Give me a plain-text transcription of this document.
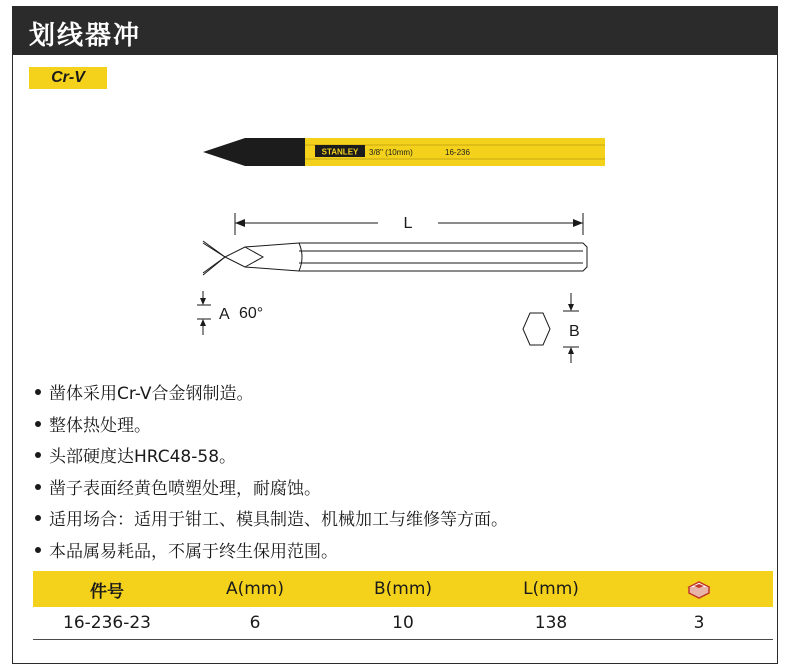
划线器冲
Cr-V
STANLEY 3/8" (10mm)	16-236
L
A 60°
B
凿体采用Cr-V合金钢制造。
整体热处理。
头部硬度达HRC48-58。
凿子表面经黄色喷塑处理，耐腐蚀。
适用场合：适用于钳工、模具制造、机械加工与维修等方面。
本品属易耗品，不属于终生保用范围。
件号	A(mm)	B(mm)	L(mm)	
16-236-23	6	10	138	3
